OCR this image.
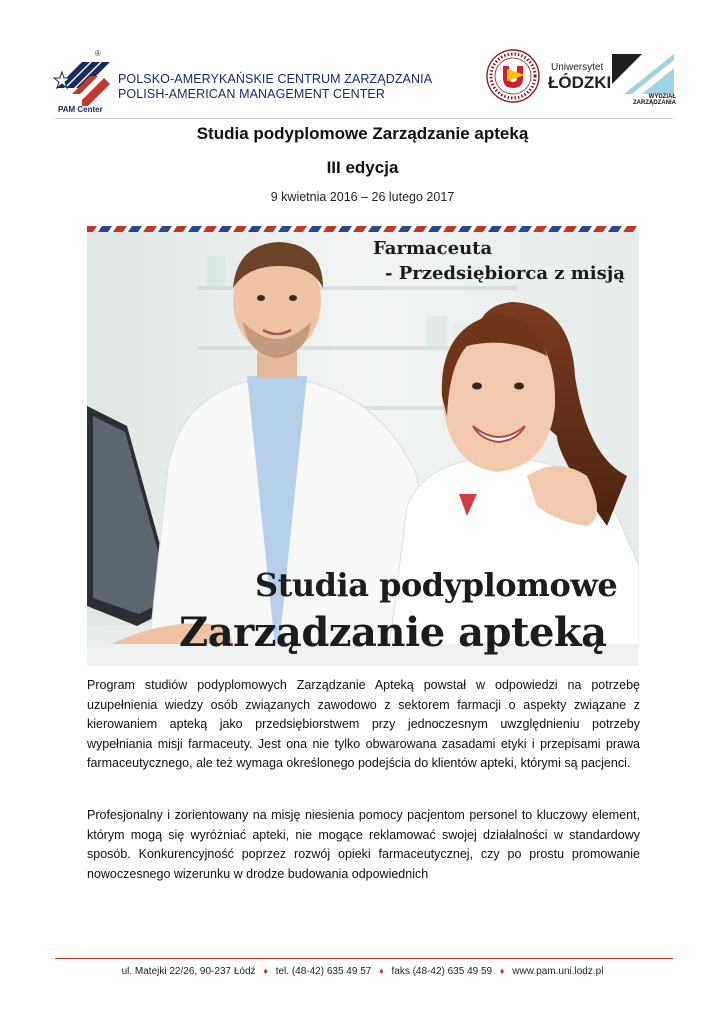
®
PAM Center
POLSKO-AMERYKAŃSKIE CENTRUM ZARZĄDZANIA
POLISH-AMERICAN MANAGEMENT CENTER
Uniwersytet
ŁÓDZKI
WYDZIAŁ ZARZĄDZANIA
Studia podyplomowe Zarządzanie apteką
III edycja
9 kwietnia 2016 – 26 lutego 2017
Farmaceuta
- Przedsiębiorca z misją
Studia podyplomowe
Zarządzanie apteką

Program studiów podyplomowych Zarządzanie Apteką powstał w odpowiedzi na potrzebę uzupełnienia wiedzy osób związanych zawodowo z sektorem farmacji o aspekty związane z kierowaniem apteką jako przedsiębiorstwem przy jednoczesnym uwzględnieniu potrzeby wypełniania misji farmaceuty. Jest ona nie tylko obwarowana zasadami etyki i przepisami prawa farmaceutycznego, ale też wymaga określonego podejścia do klientów apteki, którymi są pacjenci.

Profesjonalny i zorientowany na misję niesienia pomocy pacjentom personel to kluczowy element, którym mogą się wyróżniać apteki, nie mogące reklamować swojej działalności w standardowy sposób. Konkurencyjność poprzez rozwój opieki farmaceutycznej, czy po prostu promowanie nowoczesnego wizerunku w drodze budowania odpowiednich

ul. Matejki 22/26, 90-237 Łódź ♦ tel. (48-42) 635 49 57 ♦ faks (48-42) 635 49 59 ♦ www.pam.uni.lodz.pl
